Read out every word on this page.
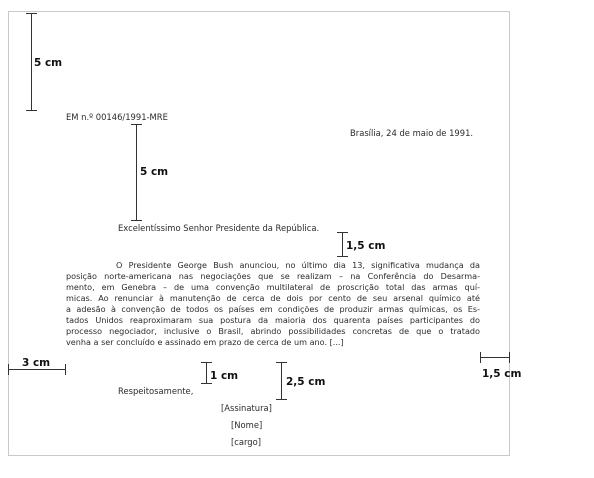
EM n.º 00146/1991-MRE
Brasília, 24 de maio de 1991.
Excelentíssimo Senhor Presidente da República.
O Presidente George Bush anunciou, no último dia 13, significativa mudança da
posição norte-americana nas negociações que se realizam – na Conferência do Desarma-
mento, em Genebra – de uma convenção multilateral de proscrição total das armas quí-
micas. Ao renunciar à manutenção de cerca de dois por cento de seu arsenal químico até
a adesão à convenção de todos os países em condições de produzir armas químicas, os Es-
tados Unidos reaproximaram sua postura da maioria dos quarenta países participantes do
processo negociador, inclusive o Brasil, abrindo possibilidades concretas de que o tratado
venha a ser concluído e assinado em prazo de cerca de um ano. [...]
Respeitosamente,
[Assinatura]
[Nome]
[cargo]
5 cm
5 cm
1,5 cm
3 cm
1 cm	2,5 cm
1,5 cm
